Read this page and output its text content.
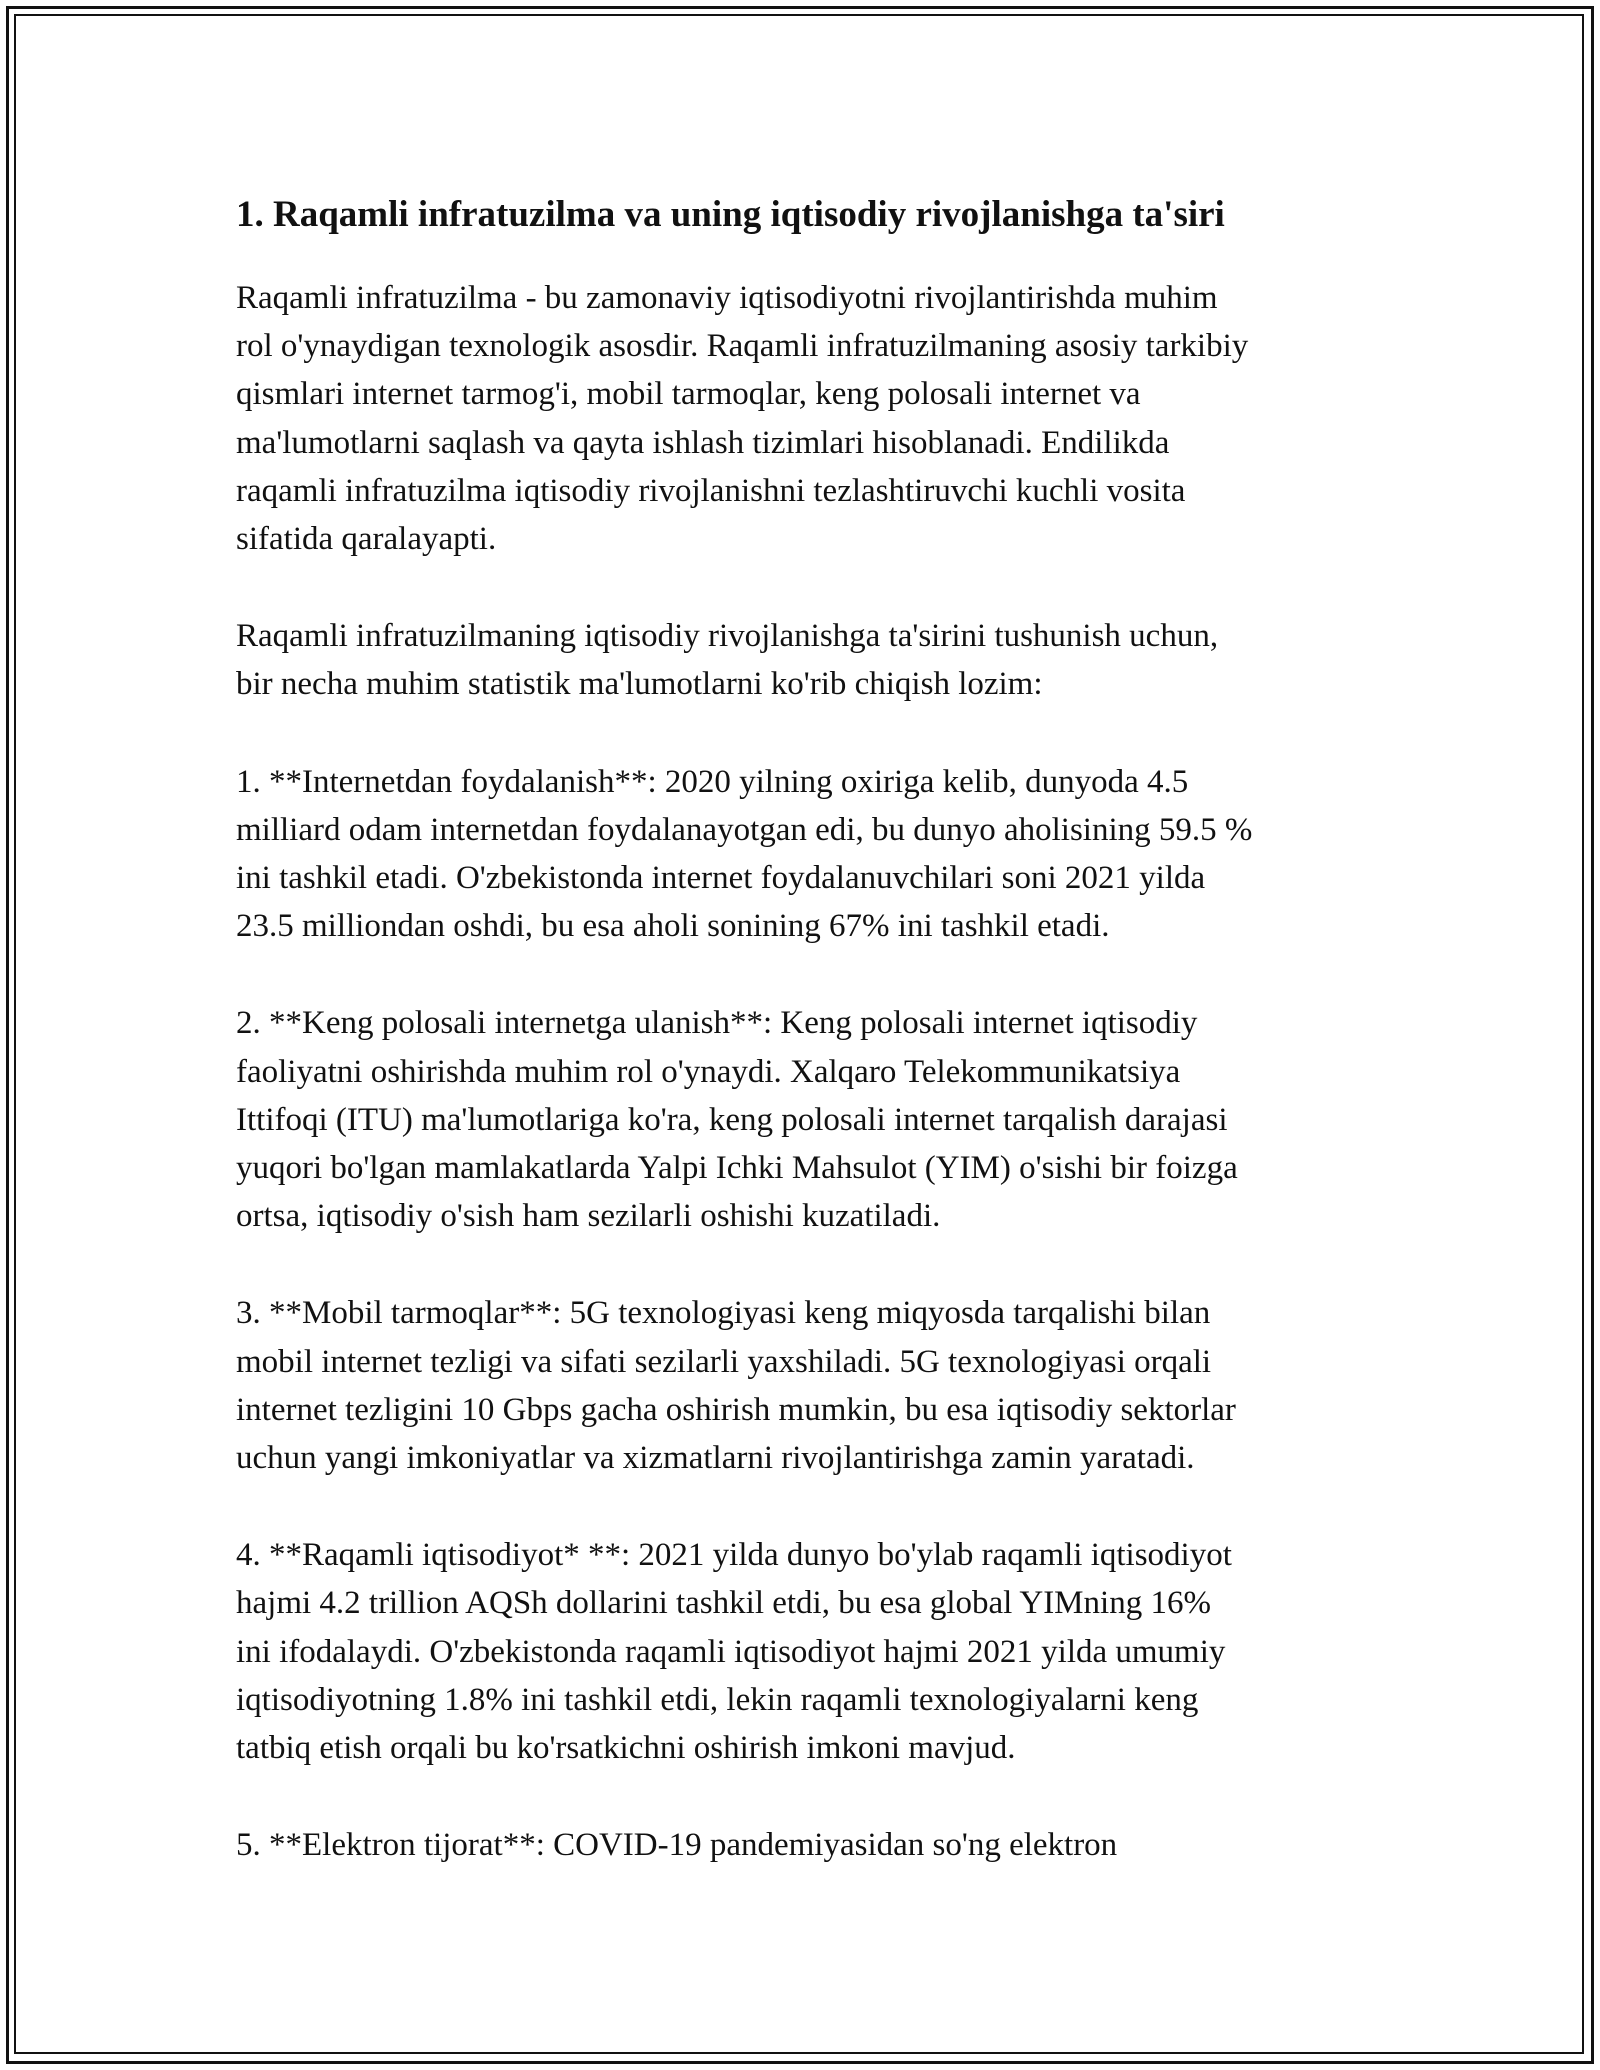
1. Raqamli infratuzilma va uning iqtisodiy rivojlanishga ta'siri

Raqamli infratuzilma - bu zamonaviy iqtisodiyotni rivojlantirishda muhim
rol o'ynaydigan texnologik asosdir. Raqamli infratuzilmaning asosiy tarkibiy
qismlari internet tarmog'i, mobil tarmoqlar, keng polosali internet va
ma'lumotlarni saqlash va qayta ishlash tizimlari hisoblanadi. Endilikda
raqamli infratuzilma iqtisodiy rivojlanishni tezlashtiruvchi kuchli vosita
sifatida qaralayapti.

Raqamli infratuzilmaning iqtisodiy rivojlanishga ta'sirini tushunish uchun,
bir necha muhim statistik ma'lumotlarni ko'rib chiqish lozim:

1. **Internetdan foydalanish**: 2020 yilning oxiriga kelib, dunyoda 4.5
milliard odam internetdan foydalanayotgan edi, bu dunyo aholisining 59.5 %
ini tashkil etadi. O'zbekistonda internet foydalanuvchilari soni 2021 yilda
23.5 milliondan oshdi, bu esa aholi sonining 67% ini tashkil etadi.

2. **Keng polosali internetga ulanish**: Keng polosali internet iqtisodiy
faoliyatni oshirishda muhim rol o'ynaydi. Xalqaro Telekommunikatsiya
Ittifoqi (ITU) ma'lumotlariga ko'ra, keng polosali internet tarqalish darajasi
yuqori bo'lgan mamlakatlarda Yalpi Ichki Mahsulot (YIM) o'sishi bir foizga
ortsa, iqtisodiy o'sish ham sezilarli oshishi kuzatiladi.

3. **Mobil tarmoqlar**: 5G texnologiyasi keng miqyosda tarqalishi bilan
mobil internet tezligi va sifati sezilarli yaxshiladi. 5G texnologiyasi orqali
internet tezligini 10 Gbps gacha oshirish mumkin, bu esa iqtisodiy sektorlar
uchun yangi imkoniyatlar va xizmatlarni rivojlantirishga zamin yaratadi.

4. **Raqamli iqtisodiyot* **: 2021 yilda dunyo bo'ylab raqamli iqtisodiyot
hajmi 4.2 trillion AQSh dollarini tashkil etdi, bu esa global YIMning 16%
ini ifodalaydi. O'zbekistonda raqamli iqtisodiyot hajmi 2021 yilda umumiy
iqtisodiyotning 1.8% ini tashkil etdi, lekin raqamli texnologiyalarni keng
tatbiq etish orqali bu ko'rsatkichni oshirish imkoni mavjud.

5. **Elektron tijorat**: COVID-19 pandemiyasidan so'ng elektron
